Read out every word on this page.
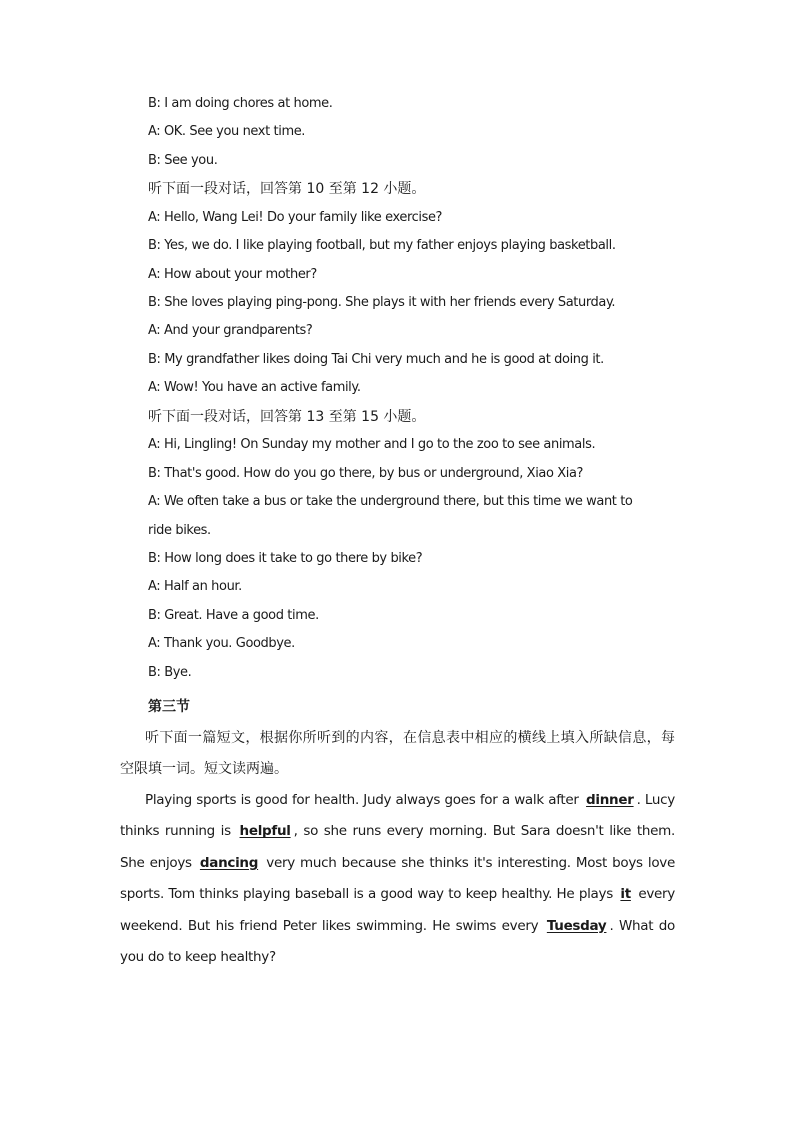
B: I am doing chores at home.
A: OK. See you next time.
B: See you.
听下面一段对话，回答第 10 至第 12 小题。
A: Hello, Wang Lei! Do your family like exercise?
B: Yes, we do. I like playing football, but my father enjoys playing basketball.
A: How about your mother?
B: She loves playing ping-pong. She plays it with her friends every Saturday.
A: And your grandparents?
B: My grandfather likes doing Tai Chi very much and he is good at doing it.
A: Wow! You have an active family.
听下面一段对话，回答第 13 至第 15 小题。
A: Hi, Lingling! On Sunday my mother and I go to the zoo to see animals.
B: That's good. How do you go there, by bus or underground, Xiao Xia?
A: We often take a bus or take the underground there, but this time we want to
ride bikes.
B: How long does it take to go there by bike?
A: Half an hour.
B: Great. Have a good time.
A: Thank you. Goodbye.
B: Bye.
第三节
听下面一篇短文，根据你所听到的内容，在信息表中相应的横线上填入所缺信息，每空限填一词。短文读两遍。
Playing sports is good for health. Judy always goes for a walk after dinner . Lucy thinks running is helpful , so she runs every morning. But Sara doesn't like them. She enjoys dancing very much because she thinks it's interesting. Most boys love sports. Tom thinks playing baseball is a good way to keep healthy. He plays it every weekend. But his friend Peter likes swimming. He swims every Tuesday . What do you do to keep healthy?
